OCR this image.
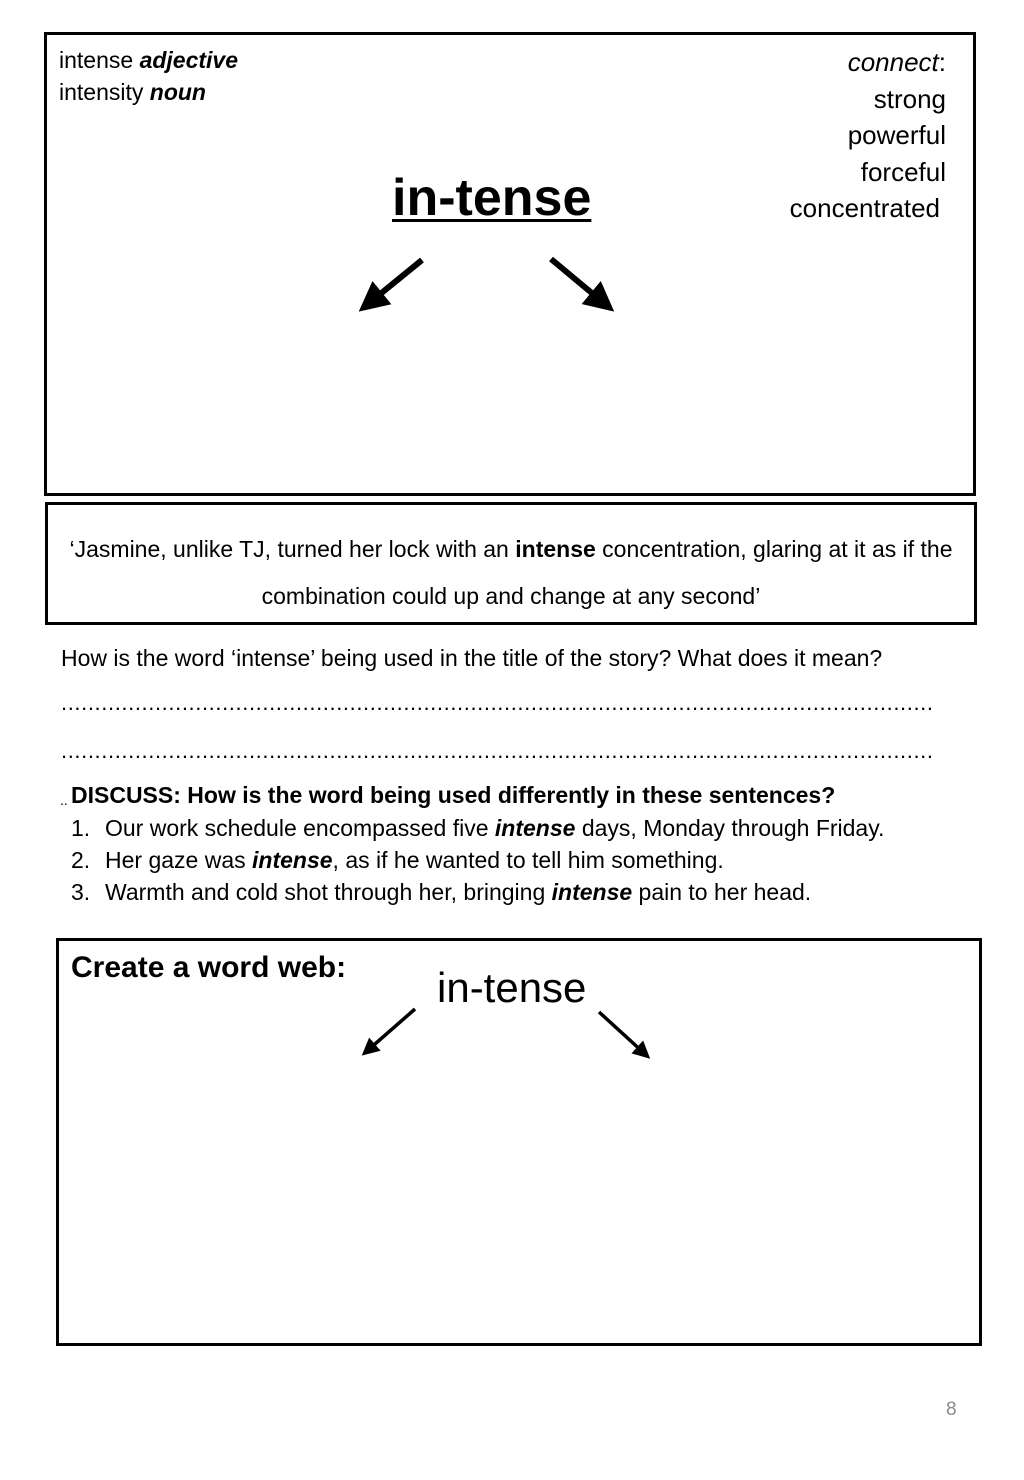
intense adjective
intensity noun
connect:
strong
powerful
forceful
concentrated
in-tense
‘Jasmine, unlike TJ, turned her lock with an intense concentration, glaring at it as if the combination could up and change at any second’
How is the word ‘intense’ being used in the title of the story? What does it mean?
..................................................................................................................................
..................................................................................................................................
.. DISCUSS: How is the word being used differently in these sentences?
1. Our work schedule encompassed five intense days, Monday through Friday.
2. Her gaze was intense, as if he wanted to tell him something.
3. Warmth and cold shot through her, bringing intense pain to her head.
Create a word web: in-tense
8
